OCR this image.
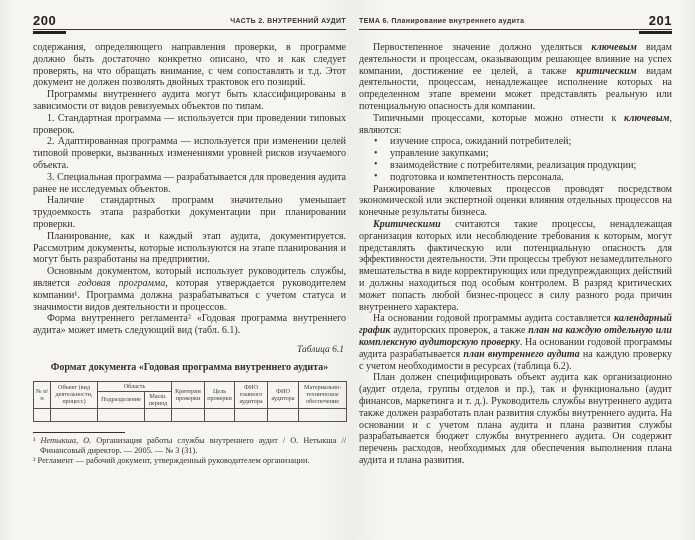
200	ЧАСТЬ 2. ВНУТРЕННИЙ АУДИТ

содержания, определяющего направления проверки, в программе должно быть достаточно конкретно описано, что и как следует проверять, на что обращать внимание, с чем сопоставлять и т.д. Этот документ не должен позволять двойных трактовок его позиций.

Программы внутреннего аудита могут быть классифицированы в зависимости от видов ревизуемых объектов по типам.

1. Стандартная программа — используется при проведении типовых проверок.

2. Адаптированная программа — используется при изменении целей типовой проверки, вызванных изменениями уровней рисков изучаемого объекта.

3. Специальная программа — разрабатывается для проведения аудита ранее не исследуемых объектов.

Наличие стандартных программ значительно уменьшает трудоемкость этапа разработки документации при планировании проверки.

Планирование, как и каждый этап аудита, документируется. Рассмотрим документы, которые используются на этапе планирования и могут быть разработаны на предприятии.

Основным документом, который использует руководитель службы, является годовая программа, которая утверждается руководителем компании¹. Программа должна разрабатываться с учетом статуса и значимости видов деятельности и процессов.

Форма внутреннего регламента² «Годовая программа внутреннего аудита» может иметь следующий вид (табл. 6.1).

Таблица 6.1
Формат документа «Годовая программа внутреннего аудита»
№ п/п	Объект (вид деятельности, процесс)	Область		Критерии проверки	Цель проверки	ФИО главного аудитора	ФИО аудитора	Материально-техническое обеспечение
		Подразделение	Масш. период					

¹ Нетыкша, О. Организация работы службы внутреннего аудит / О. Нетыкша // Финансовый директор. — 2005. — № 3 (31).

² Регламент — рабочий документ, утвержденный руководителем организации.

ТЕМА 6. Планирование внутреннего аудита	201

Первостепенное значение должно уделяться ключевым видам деятельности и процессам, оказывающим решающее влияние на успех компании, достижение ее целей, а также критическим видам деятельности, процессам, ненадлежащее исполнение которых на определенном этапе времени может представлять реальную или потенциальную опасность для компании.

Типичными процессами, которые можно отнести к ключевым, являются:

• изучение спроса, ожиданий потребителей;

• управление закупками;

• взаимодействие с потребителями, реализация продукции;

• подготовка и компетентность персонала.

Ранжирование ключевых процессов проводят посредством экономической или экспертной оценки влияния отдельных процессов на конечные результаты бизнеса.

Критическими считаются такие процессы, ненадлежащая организация которых или несоблюдение требования к которым, могут представлять фактическую или потенциальную опасность для эффективности деятельности. Эти процессы требуют незамедлительного вмешательства в виде корректирующих или предупреждающих действий и должны находиться под особым контролем. В разряд критических может попасть любой бизнес-процесс в силу разного рода причин внутреннего характера.

На основании годовой программы аудита составляется календарный график аудиторских проверок, а также план на каждую отдельную или комплексную аудиторскую проверку. На основании годовой программы аудита разрабатывается план внутреннего аудита на каждую проверку с учетом необходимости в ресурсах (таблица 6.2).

План должен специфицировать объект аудита как организационно (аудит отдела, группы отделов и пр.), так и функционально (аудит финансов, маркетинга и т. д.). Руководитель службы внутреннего аудита также должен разработать план развития службы внутреннего аудита. На основании и с учетом плана аудита и плана развития службы разрабатывается бюджет службы внутреннего аудита. Он содержит перечень расходов, необходимых для обеспечения выполнения плана аудита и плана развития.
